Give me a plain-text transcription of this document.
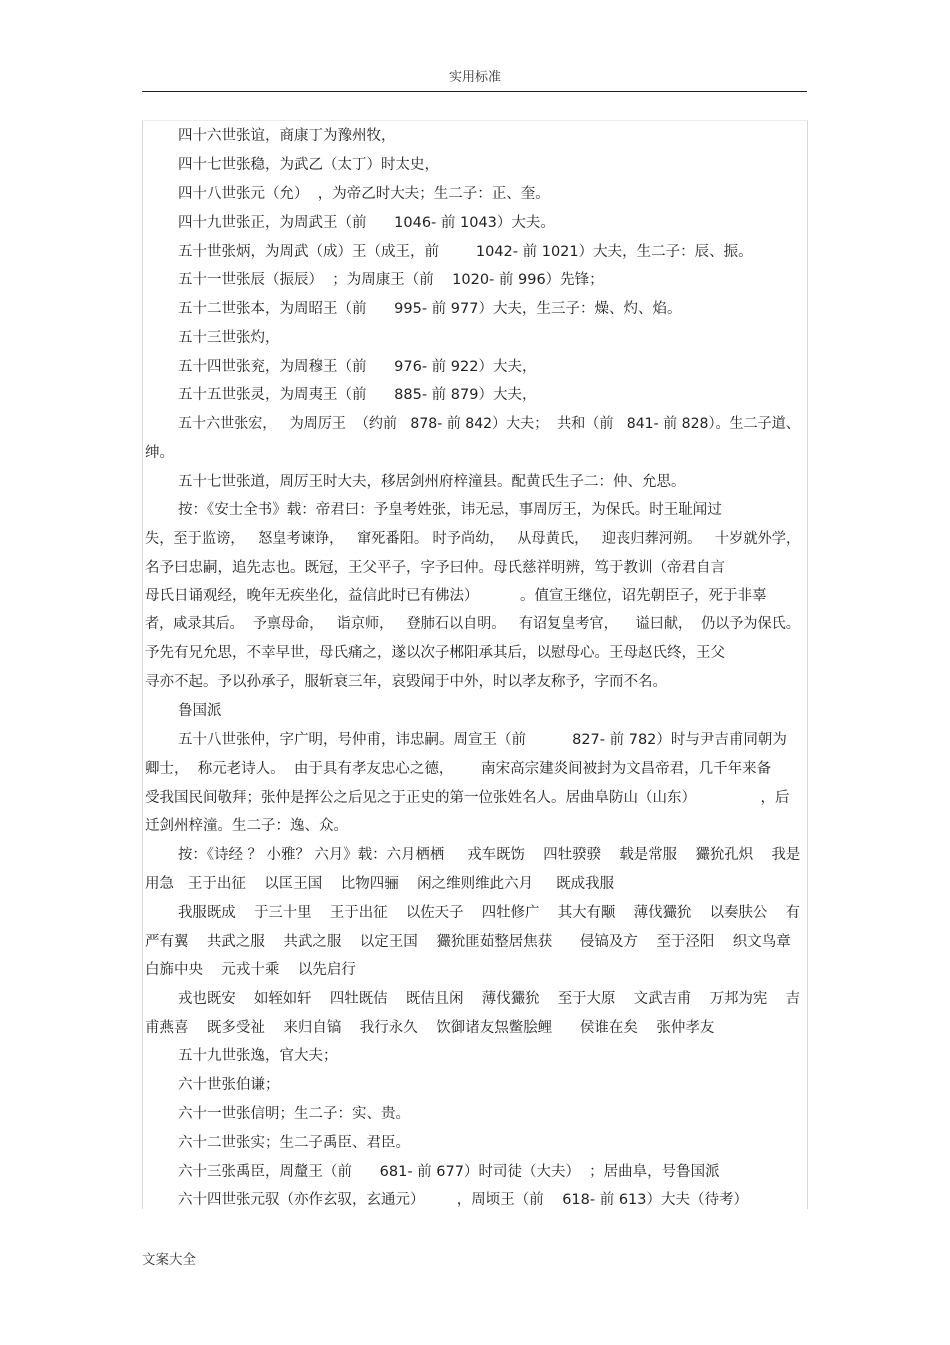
实用标准
四十六世张谊，商康丁为豫州牧，
四十七世张稳，为武乙（太丁）时太史，
四十八世张元（允）  ，为帝乙时大夫；生二子：正、奎。
四十九世张正，为周武王（前      1046- 前 1043）大夫。
五十世张炳，为周武（成）王（成王，前        1042- 前 1021）大夫，生二子：辰、振。
五十一世张辰（振辰）  ；为周康王（前    1020- 前 996）先锋；
五十二世张本，为周昭王（前      995- 前 977）大夫，生三子：燥、灼、焰。
五十三世张灼，
五十四世张兖，为周穆王（前      976- 前 922）大夫，
五十五世张灵，为周夷王（前      885- 前 879）大夫，
五十六世张宏，   为周厉王  （约前   878- 前 842）大夫；  共和（前   841- 前 828）。生二子道、
绅。
五十七世张道，周厉王时大夫，移居剑州府梓潼县。配黄氏生子二：仲、允思。
按：《安士全书》载：帝君曰：予皇考姓张，讳无忌，事周厉王，为保氏。时王耻闻过
失，至于监谤，   怒皇考谏诤，   窜死番阳。 时予尚幼，   从母黄氏，   迎丧归葬河朔。   十岁就外学，
名予曰忠嗣，追先志也。既冠，王父平子，字予曰仲。母氏慈祥明辨，笃于教训（帝君自言
母氏日诵观经，晚年无疾坐化，益信此时已有佛法）         。值宣王继位，诏先朝臣子，死于非辜
者，咸录其后。  予禀母命，   诣京师，   登肺石以自明。   有诏复皇考官，    谥曰献，  仍以予为保氏。
予先有兄允思，不幸早世，母氏痛之，遂以次子郴阳承其后，以慰母心。王母赵氏终，王父
寻亦不起。予以孙承子，服斩衰三年，哀毁闻于中外，时以孝友称予，字而不名。
鲁国派
五十八世张仲，字广明，号仲甫，讳忠嗣。周宣王（前          827- 前 782）时与尹吉甫同朝为
卿士，  称元老诗人。  由于具有孝友忠心之德，      南宋高宗建炎间被封为文昌帝君，几千年来备
受我国民间敬拜；张仲是挥公之后见之于正史的第一位张姓名人。居曲阜防山（山东）              ，后
迁剑州梓潼。生二子：逸、众。
按：《诗经 ？ 小雅？ 六月》载：六月栖栖     戎车既饬    四牡骙骙    载是常服    玁狁孔炽    我是
用急   王于出征    以匡王国    比物四骊    闲之维则维此六月     既成我服
我服既成    于三十里    王于出征    以佐天子    四牡修广    其大有颙    薄伐玁狁    以奏肤公    有
严有翼    共武之服    共武之服    以定王国    玁狁匪茹整居焦获      侵镐及方    至于泾阳    织文鸟章
白旆中央    元戎十乘    以先启行
戎也既安    如轾如轩    四牡既佶    既佶且闲    薄伐玁狁    至于大原    文武吉甫    万邦为宪    吉
甫燕喜    既多受祉    来归自镐    我行永久    饮御诸友炰鳖脍鲤      侯谁在矣    张仲孝友
五十九世张逸，官大夫；
六十世张伯谦；
六十一世张信明；生二子：实、贵。
六十二世张实；生二子禹臣、君臣。
六十三张禹臣，周釐王（前      681- 前 677）时司徒（大夫）  ；居曲阜，号鲁国派
六十四世张元驭（亦作玄驭，玄通元）       ，周顷王（前    618- 前 613）大夫（待考）
文案大全
